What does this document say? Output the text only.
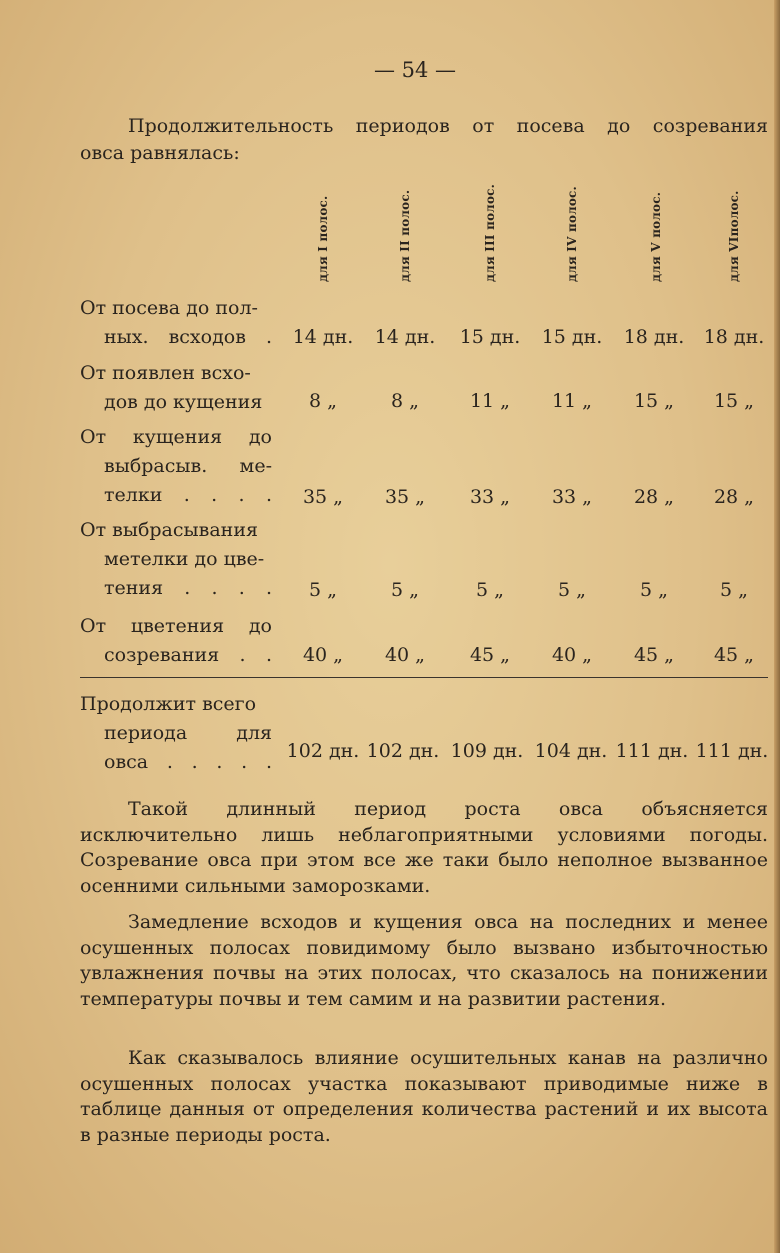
— 54 —
Продолжительность периодов от посева до созревания
овса равнялась:
для I полос.	для II полос.	для III полос.	для IV полос.	для V полос.	для VIполос.
От посева до пол-
ных. всходов .	14 дн.	14 дн.	15 дн.	15 дн.	18 дн.	18 дн.
От появлен всхо-
дов до кущения	8 „	8 „	11 „	11 „	15 „	15 „
От кущения до
выбрасыв. ме-
телки . . . .	35 „	35 „	33 „	33 „	28 „	28 „
От выбрасывания
метелки до цве-
тения . . . .	5 „	5 „	5 „	5 „	5 „	5 „
От цветения до
созревания . .	40 „	40 „	45 „	40 „	45 „	45 „
Продолжит всего
периода для
овса . . . . . 102 дн. 102 дн. 109 дн. 104 дн. 111 дн. 111 дн.
Такой длинный период роста овса объясняется исключительно лишь неблагоприятными условиями погоды. Созревание овса при этом все же таки было неполное вызванное осенними сильными заморозками.
Замедление всходов и кущения овса на последних и менее осушенных полосах повидимому было вызвано избыточностью увлажнения почвы на этих полосах, что сказалось на понижении температуры почвы и тем самим и на развитии растения.
Как сказывалось влияние осушительных канав на различно осушенных полосах участка показывают приводимые ниже в таблице данныя от определения количества растений и их высота в разные периоды роста.
